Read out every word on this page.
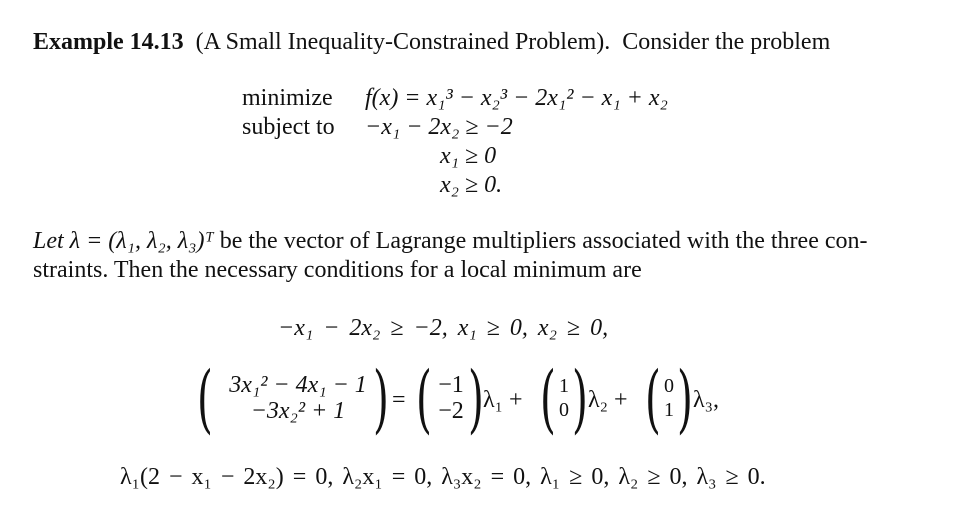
Example 14.13 (A Small Inequality-Constrained Problem). Consider the problem
minimize
subject to
f(x) = x₁³ − x₂³ − 2x₁² − x₁ + x₂
−x₁ − 2x₂ ≥ −2
x₁ ≥ 0
x₂ ≥ 0.
Let λ = (λ₁, λ₂, λ₃)ᵀ be the vector of Lagrange multipliers associated with the three con-
straints. Then the necessary conditions for a local minimum are
−x₁ − 2x₂ ≥ −2, x₁ ≥ 0, x₂ ≥ 0,
( 3x₁² − 4x₁ − 1
−3x₂² + 1 ) = ( −1
−2 ) λ₁ + ( 1
0 ) λ₂ + ( 0
1 ) λ₃,
λ₁(2 − x₁ − 2x₂) = 0, λ₂x₁ = 0, λ₃x₂ = 0, λ₁ ≥ 0, λ₂ ≥ 0, λ₃ ≥ 0.
